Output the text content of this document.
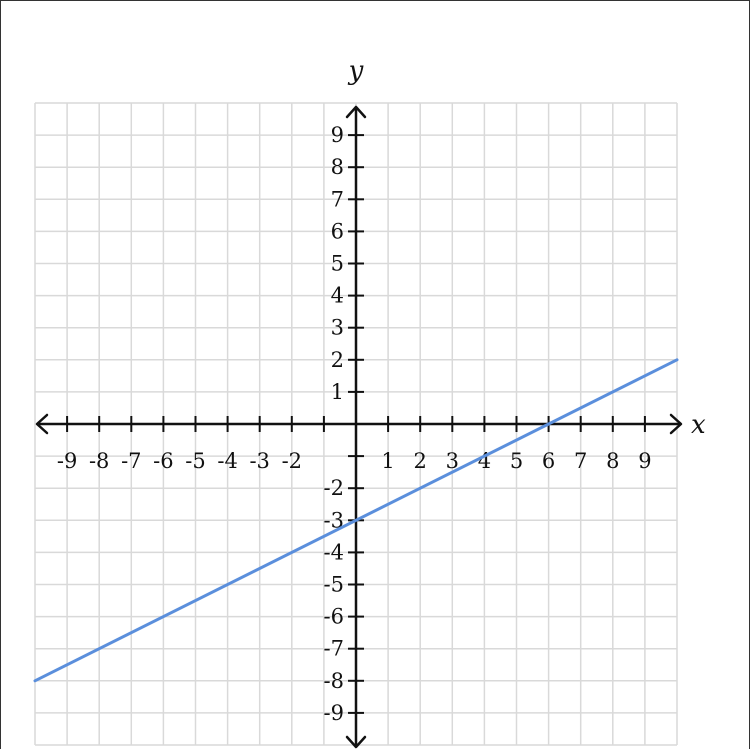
-9 -8 -7 -6 -5 -4 -3 -2	1 2 3 4 5 6 7 8 9
9
8
7
6
5
4
3
2
1
-2
-3
-4
-5
-6
-7
-8
-9
x
y
